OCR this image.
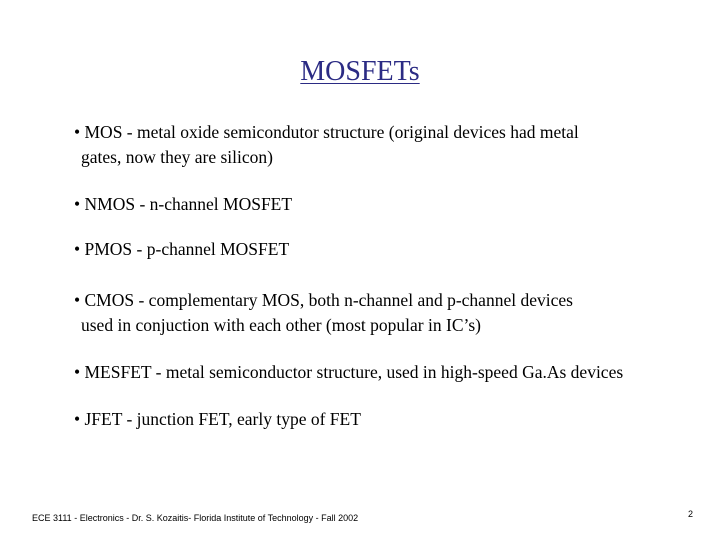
MOSFETs
• MOS - metal oxide semicondutor structure (original devices had metal
gates, now they are silicon)
• NMOS - n-channel MOSFET
• PMOS - p-channel MOSFET
• CMOS - complementary MOS, both n-channel and p-channel devices
used in conjuction with each other (most popular in IC’s)
• MESFET - metal semiconductor structure, used in high-speed Ga.As devices
• JFET - junction FET, early type of FET
ECE 3111 - Electronics - Dr. S. Kozaitis- Florida Institute of Technology - Fall 2002	2
